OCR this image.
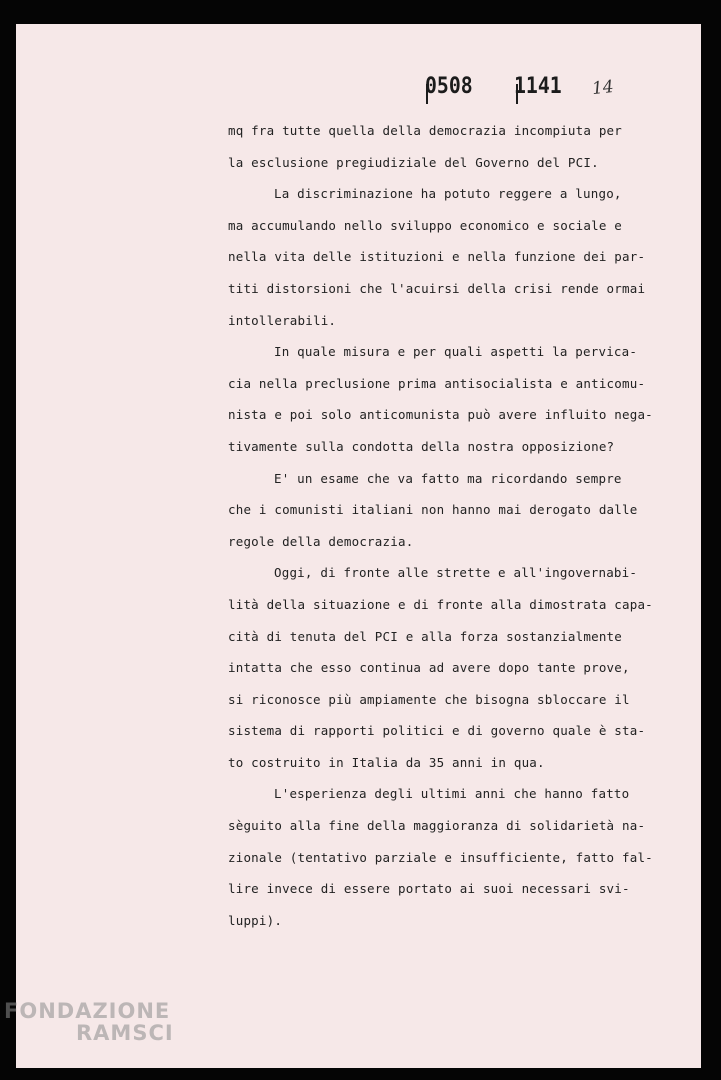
0508 1141 14
mq fra tutte quella della democrazia incompiuta per
la esclusione pregiudiziale del Governo del PCI.
La discriminazione ha potuto reggere a lungo,
ma accumulando nello sviluppo economico e sociale e
nella vita delle istituzioni e nella funzione dei par-
titi distorsioni che l'acuirsi della crisi rende ormai
intollerabili.
In quale misura e per quali aspetti la pervica-
cia nella preclusione prima antisocialista e anticomu-
nista e poi solo anticomunista può avere influito nega-
tivamente sulla condotta della nostra opposizione?
E' un esame che va fatto ma ricordando sempre
che i comunisti italiani non hanno mai derogato dalle
regole della democrazia.
Oggi, di fronte alle strette e all'ingovernabi-
lità della situazione e di fronte alla dimostrata capa-
cità di tenuta del PCI e alla forza sostanzialmente
intatta che esso continua ad avere dopo tante prove,
si riconosce più ampiamente che bisogna sbloccare il
sistema di rapporti politici e di governo quale è sta-
to costruito in Italia da 35 anni in qua.
L'esperienza degli ultimi anni che hanno fatto
sèguito alla fine della maggioranza di solidarietà na-
zionale (tentativo parziale e insufficiente, fatto fal-
lire invece di essere portato ai suoi necessari svi-
luppi).
FONDAZIONE
RAMSCI
